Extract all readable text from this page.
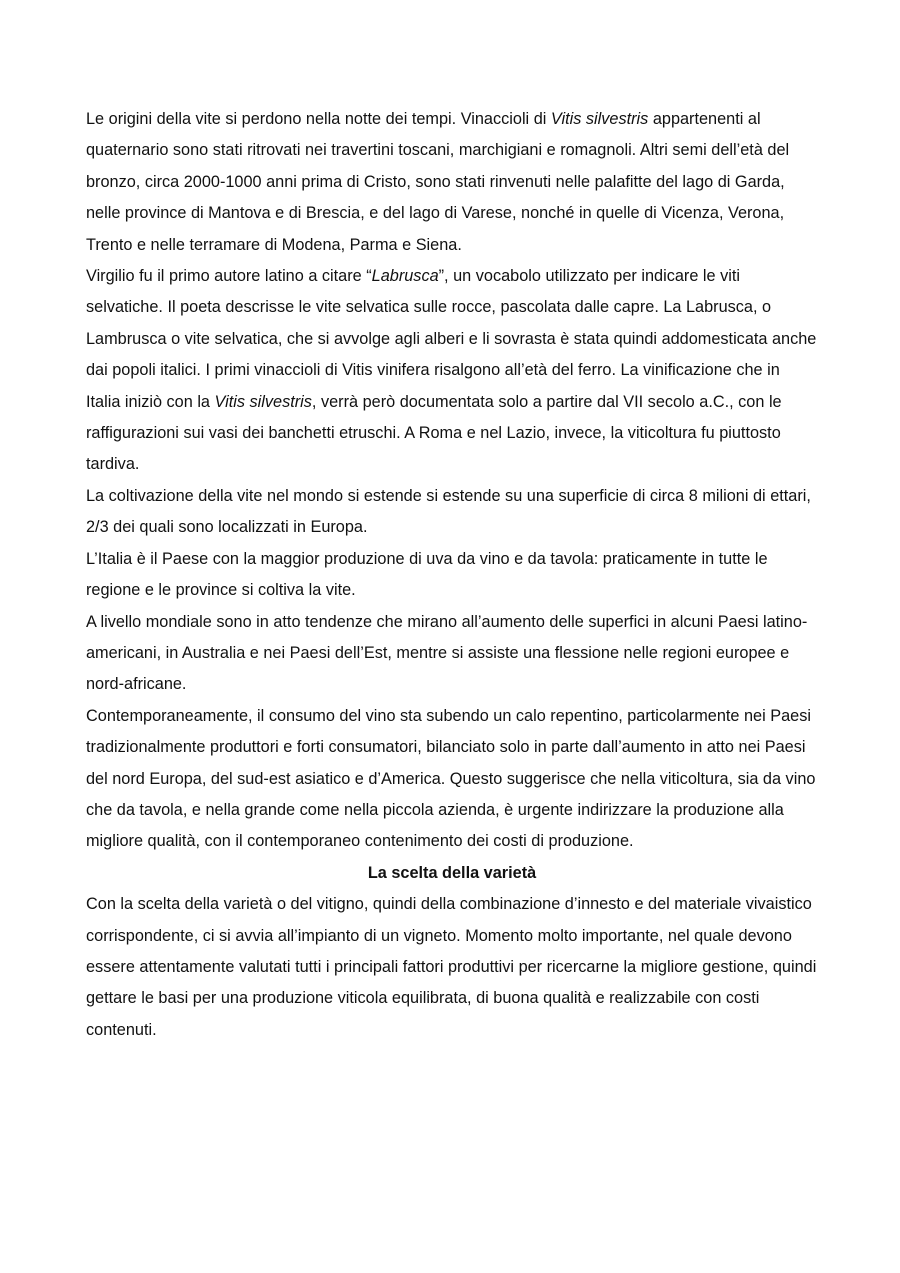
Le origini della vite si perdono nella notte dei tempi. Vinaccioli di Vitis silvestris appartenenti al quaternario sono stati ritrovati nei travertini toscani, marchigiani e romagnoli. Altri semi dell’età del bronzo, circa 2000-1000 anni prima di Cristo, sono stati rinvenuti nelle palafitte del lago di Garda, nelle province di Mantova e di Brescia, e del lago di Varese, nonché in quelle di Vicenza, Verona, Trento e nelle terramare di Modena, Parma e Siena.

Virgilio fu il primo autore latino a citare “Labrusca”, un vocabolo utilizzato per indicare le viti selvatiche. Il poeta descrisse le vite selvatica sulle rocce, pascolata dalle capre. La Labrusca, o Lambrusca o vite selvatica, che si avvolge agli alberi e li sovrasta è stata quindi addomesticata anche dai popoli italici. I primi vinaccioli di Vitis vinifera risalgono all’età del ferro. La vinificazione che in Italia iniziò con la Vitis silvestris, verrà però documentata solo a partire dal VII secolo a.C., con le raffigurazioni sui vasi dei banchetti etruschi. A Roma e nel Lazio, invece, la viticoltura fu piuttosto tardiva.

La coltivazione della vite nel mondo si estende si estende su una superficie di circa 8 milioni di ettari, 2/3 dei quali sono localizzati in Europa.

L’Italia è il Paese con la maggior produzione di uva da vino e da tavola: praticamente in tutte le regione e le province si coltiva la vite.

A livello mondiale sono in atto tendenze che mirano all’aumento delle superfici in alcuni Paesi latino-americani, in Australia e nei Paesi dell’Est, mentre si assiste una flessione nelle regioni europee e nord-africane.

Contemporaneamente, il consumo del vino sta subendo un calo repentino, particolarmente nei Paesi tradizionalmente produttori e forti consumatori, bilanciato solo in parte dall’aumento in atto nei Paesi del nord Europa, del sud-est asiatico e d’America. Questo suggerisce che nella viticoltura, sia da vino che da tavola, e nella grande come nella piccola azienda, è urgente indirizzare la produzione alla migliore qualità, con il contemporaneo contenimento dei costi di produzione.

La scelta della varietà

Con la scelta della varietà o del vitigno, quindi della combinazione d’innesto e del materiale vivaistico corrispondente, ci si avvia all’impianto di un vigneto. Momento molto importante, nel quale devono essere attentamente valutati tutti i principali fattori produttivi per ricercarne la migliore gestione, quindi gettare le basi per una produzione viticola equilibrata, di buona qualità e realizzabile con costi contenuti.
